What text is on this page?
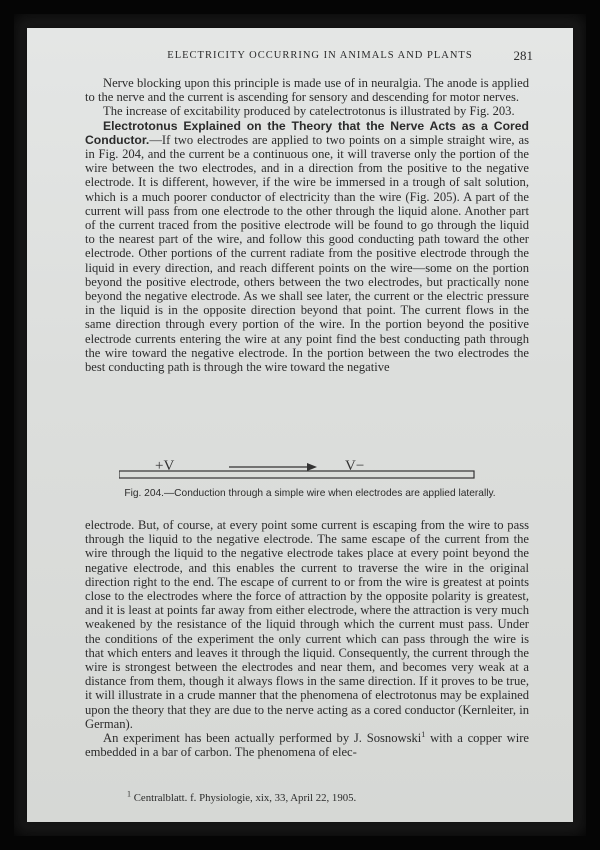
ELECTRICITY OCCURRING IN ANIMALS AND PLANTS	281

Nerve blocking upon this principle is made use of in neuralgia. The anode is applied to the nerve and the current is ascending for sensory and descending for motor nerves.

The increase of excitability produced by catelectrotonus is illustrated by Fig. 203.

Electrotonus Explained on the Theory that the Nerve Acts as a Cored Conductor.—If two electrodes are applied to two points on a simple straight wire, as in Fig. 204, and the current be a continuous one, it will traverse only the portion of the wire between the two electrodes, and in a direction from the positive to the negative electrode. It is different, however, if the wire be immersed in a trough of salt solution, which is a much poorer conductor of electricity than the wire (Fig. 205). A part of the current will pass from one electrode to the other through the liquid alone. Another part of the current traced from the positive electrode will be found to go through the liquid to the nearest part of the wire, and follow this good conducting path toward the other electrode. Other portions of the current radiate from the positive electrode through the liquid in every direction, and reach different points on the wire—some on the portion beyond the positive electrode, others between the two electrodes, but practically none beyond the negative electrode. As we shall see later, the current or the electric pressure in the liquid is in the opposite direction beyond that point. The current flows in the same direction through every portion of the wire. In the portion beyond the positive electrode currents entering the wire at any point find the best conducting path through the wire toward the negative electrode. In the portion between the two electrodes the best conducting path is through the wire toward the negative

+V	V−
Fig. 204.—Conduction through a simple wire when electrodes are applied laterally.

electrode. But, of course, at every point some current is escaping from the wire to pass through the liquid to the negative electrode. The same escape of the current from the wire through the liquid to the negative electrode takes place at every point beyond the negative electrode, and this enables the current to traverse the wire in the original direction right to the end. The escape of current to or from the wire is greatest at points close to the electrodes where the force of attraction by the opposite polarity is greatest, and it is least at points far away from either electrode, where the attraction is very much weakened by the resistance of the liquid through which the current must pass. Under the conditions of the experiment the only current which can pass through the wire is that which enters and leaves it through the liquid. Consequently, the current through the wire is strongest between the electrodes and near them, and becomes very weak at a distance from them, though it always flows in the same direction. If it proves to be true, it will illustrate in a crude manner that the phenomena of electrotonus may be explained upon the theory that they are due to the nerve acting as a cored conductor (Kernleiter, in German).

An experiment has been actually performed by J. Sosnowski$^1$ with a copper wire embedded in a bar of carbon. The phenomena of elec-

$^1$ Centralblatt. f. Physiologie, xix, 33, April 22, 1905.
